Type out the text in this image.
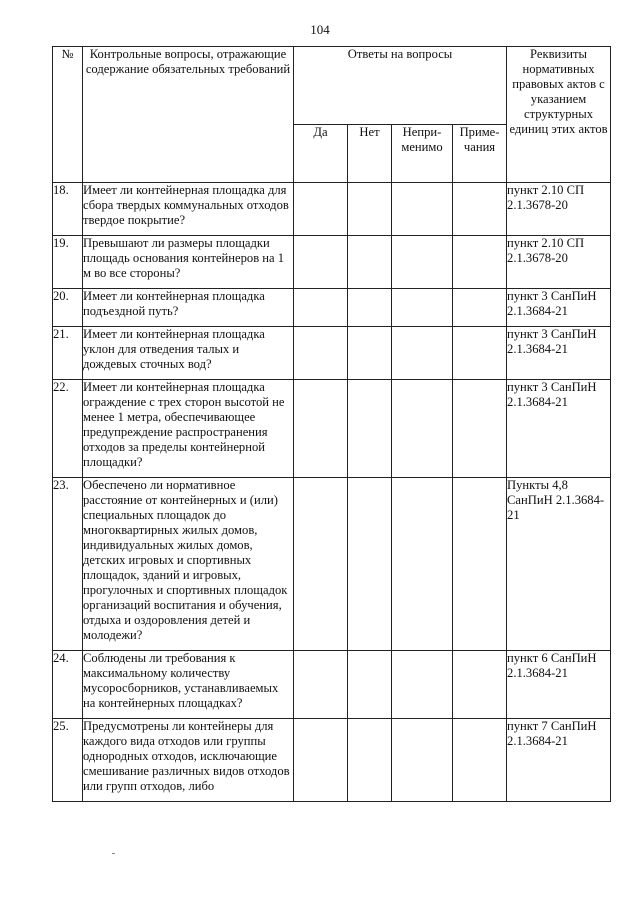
104
№	Контрольные вопросы, отражающие содержание обязательных требований	Ответы на вопросы				Реквизиты нормативных правовых актов с указанием структурных единиц этих актов
		Да	Нет	Непри-менимо	Приме-чания	
18.	Имеет ли контейнерная площадка для сбора твердых коммунальных отходов твердое покрытие?					пункт 2.10 СП 2.1.3678-20
19.	Превышают ли размеры площадки площадь основания контейнеров на 1 м во все стороны?					пункт 2.10 СП 2.1.3678-20
20.	Имеет ли контейнерная площадка подъездной путь?					пункт 3 СанПиН 2.1.3684-21
21.	Имеет ли контейнерная площадка уклон для отведения талых и дождевых сточных вод?					пункт 3 СанПиН 2.1.3684-21
22.	Имеет ли контейнерная площадка ограждение с трех сторон высотой не менее 1 метра, обеспечивающее предупреждение распространения отходов за пределы контейнерной площадки?					пункт 3 СанПиН 2.1.3684-21
23.	Обеспечено ли нормативное расстояние от контейнерных и (или) специальных площадок до многоквартирных жилых домов, индивидуальных жилых домов, детских игровых и спортивных площадок, зданий и игровых, прогулочных и спортивных площадок организаций воспитания и обучения, отдыха и оздоровления детей и молодежи?					Пункты 4,8 СанПиН 2.1.3684-21
24.	Соблюдены ли требования к максимальному количеству мусоросборников, устанавливаемых на контейнерных площадках?					пункт 6 СанПиН 2.1.3684-21
25.	Предусмотрены ли контейнеры для каждого вида отходов или группы однородных отходов, исключающие смешивание различных видов отходов или групп отходов, либо					пункт 7 СанПиН 2.1.3684-21
